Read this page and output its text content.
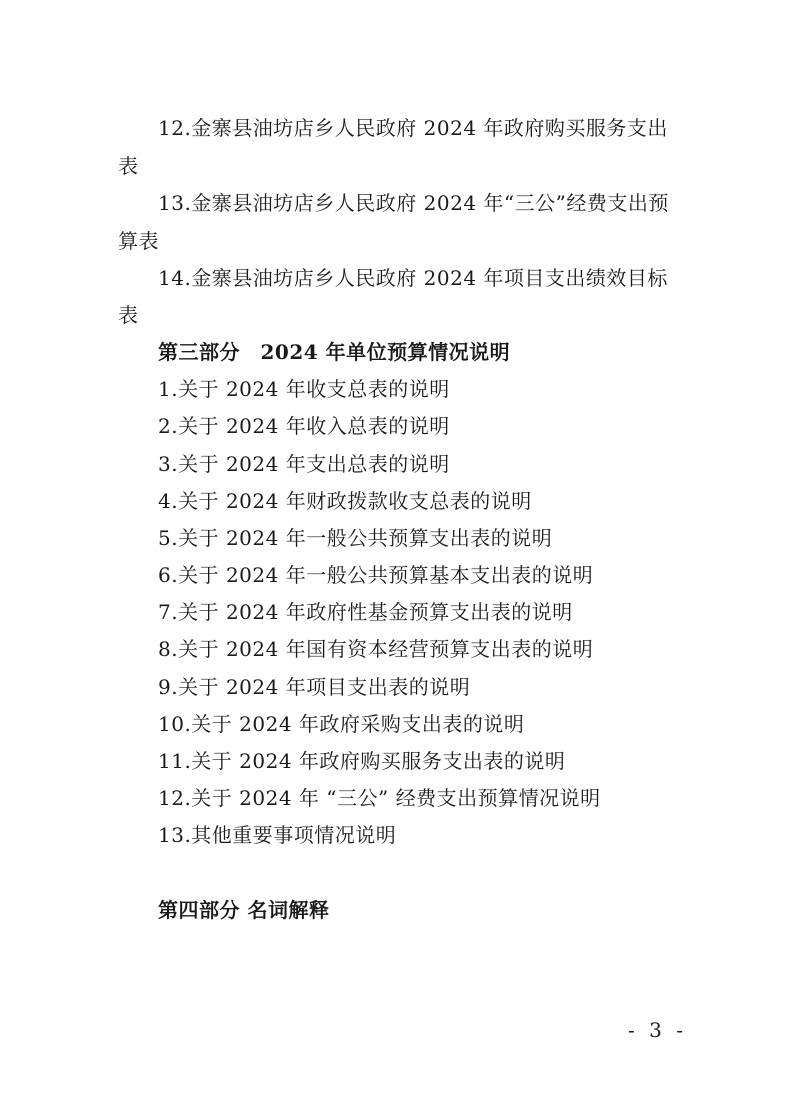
12.金寨县油坊店乡人民政府 2024 年政府购买服务支出
表
13.金寨县油坊店乡人民政府 2024 年“三公”经费支出预
算表
14.金寨县油坊店乡人民政府 2024 年项目支出绩效目标
表
第三部分　2024 年单位预算情况说明
1.关于 2024 年收支总表的说明
2.关于 2024 年收入总表的说明
3.关于 2024 年支出总表的说明
4.关于 2024 年财政拨款收支总表的说明
5.关于 2024 年一般公共预算支出表的说明
6.关于 2024 年一般公共预算基本支出表的说明
7.关于 2024 年政府性基金预算支出表的说明
8.关于 2024 年国有资本经营预算支出表的说明
9.关于 2024 年项目支出表的说明
10.关于 2024 年政府采购支出表的说明
11.关于 2024 年政府购买服务支出表的说明
12.关于 2024 年 “三公” 经费支出预算情况说明
13.其他重要事项情况说明
第四部分 名词解释
- 3 -
